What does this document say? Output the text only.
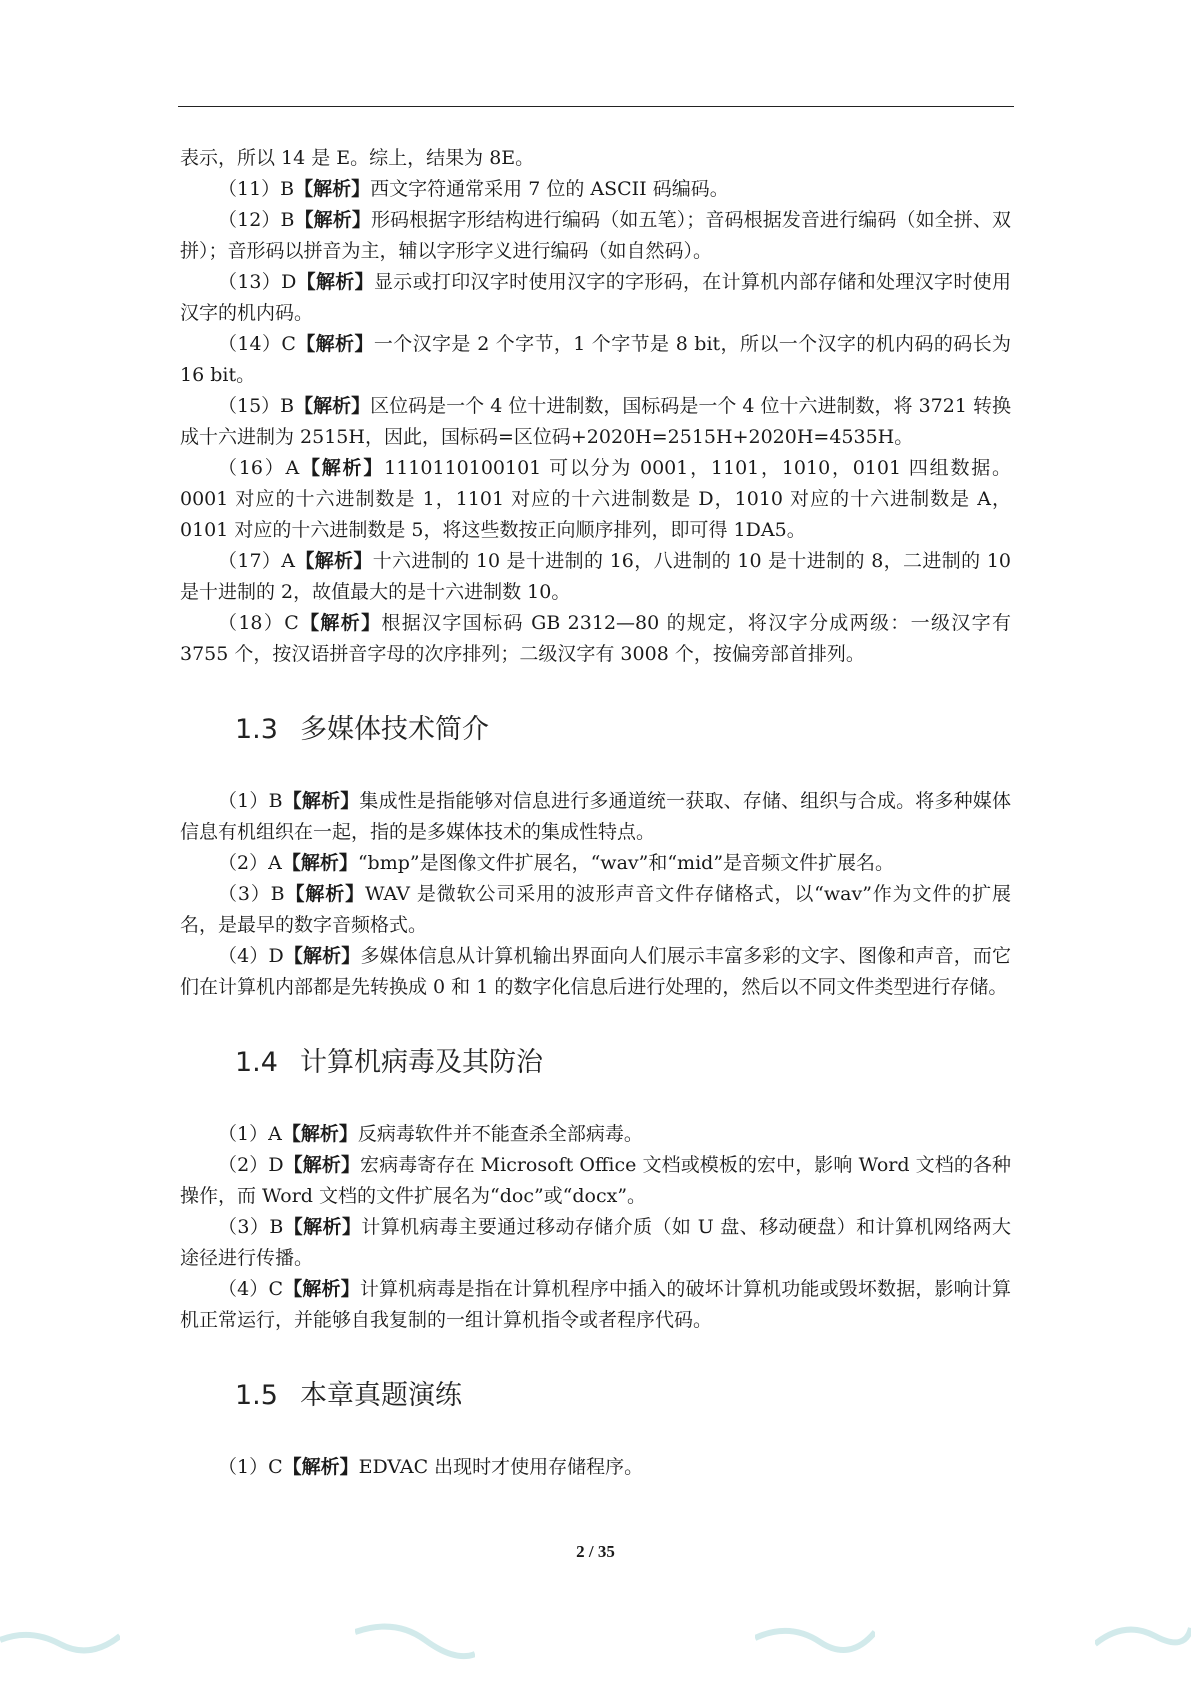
表示，所以 14 是 E。综上，结果为 8E。

（11）B【解析】西文字符通常采用 7 位的 ASCII 码编码。

（12）B【解析】形码根据字形结构进行编码（如五笔）；音码根据发音进行编码（如全拼、双拼）；音形码以拼音为主，辅以字形字义进行编码（如自然码）。

（13）D【解析】显示或打印汉字时使用汉字的字形码，在计算机内部存储和处理汉字时使用汉字的机内码。

（14）C【解析】一个汉字是 2 个字节，1 个字节是 8 bit，所以一个汉字的机内码的码长为 16 bit。

（15）B【解析】区位码是一个 4 位十进制数，国标码是一个 4 位十六进制数，将 3721 转换成十六进制为 2515H，因此，国标码=区位码+2020H=2515H+2020H=4535H。

（16）A【解析】1110110100101 可以分为 0001，1101，1010，0101 四组数据。0001 对应的十六进制数是 1，1101 对应的十六进制数是 D，1010 对应的十六进制数是 A，0101 对应的十六进制数是 5，将这些数按正向顺序排列，即可得 1DA5。

（17）A【解析】十六进制的 10 是十进制的 16，八进制的 10 是十进制的 8，二进制的 10 是十进制的 2，故值最大的是十六进制数 10。

（18）C【解析】根据汉字国标码 GB 2312—80 的规定，将汉字分成两级：一级汉字有 3755 个，按汉语拼音字母的次序排列；二级汉字有 3008 个，按偏旁部首排列。

1.3 多媒体技术简介

（1）B【解析】集成性是指能够对信息进行多通道统一获取、存储、组织与合成。将多种媒体信息有机组织在一起，指的是多媒体技术的集成性特点。

（2）A【解析】“bmp”是图像文件扩展名，“wav”和“mid”是音频文件扩展名。

（3）B【解析】WAV 是微软公司采用的波形声音文件存储格式，以“wav”作为文件的扩展名，是最早的数字音频格式。

（4）D【解析】多媒体信息从计算机输出界面向人们展示丰富多彩的文字、图像和声音，而它们在计算机内部都是先转换成 0 和 1 的数字化信息后进行处理的，然后以不同文件类型进行存储。

1.4 计算机病毒及其防治

（1）A【解析】反病毒软件并不能查杀全部病毒。

（2）D【解析】宏病毒寄存在 Microsoft Office 文档或模板的宏中，影响 Word 文档的各种操作，而 Word 文档的文件扩展名为“doc”或“docx”。

（3）B【解析】计算机病毒主要通过移动存储介质（如 U 盘、移动硬盘）和计算机网络两大途径进行传播。

（4）C【解析】计算机病毒是指在计算机程序中插入的破坏计算机功能或毁坏数据，影响计算机正常运行，并能够自我复制的一组计算机指令或者程序代码。

1.5 本章真题演练

（1）C【解析】EDVAC 出现时才使用存储程序。

2 / 35
